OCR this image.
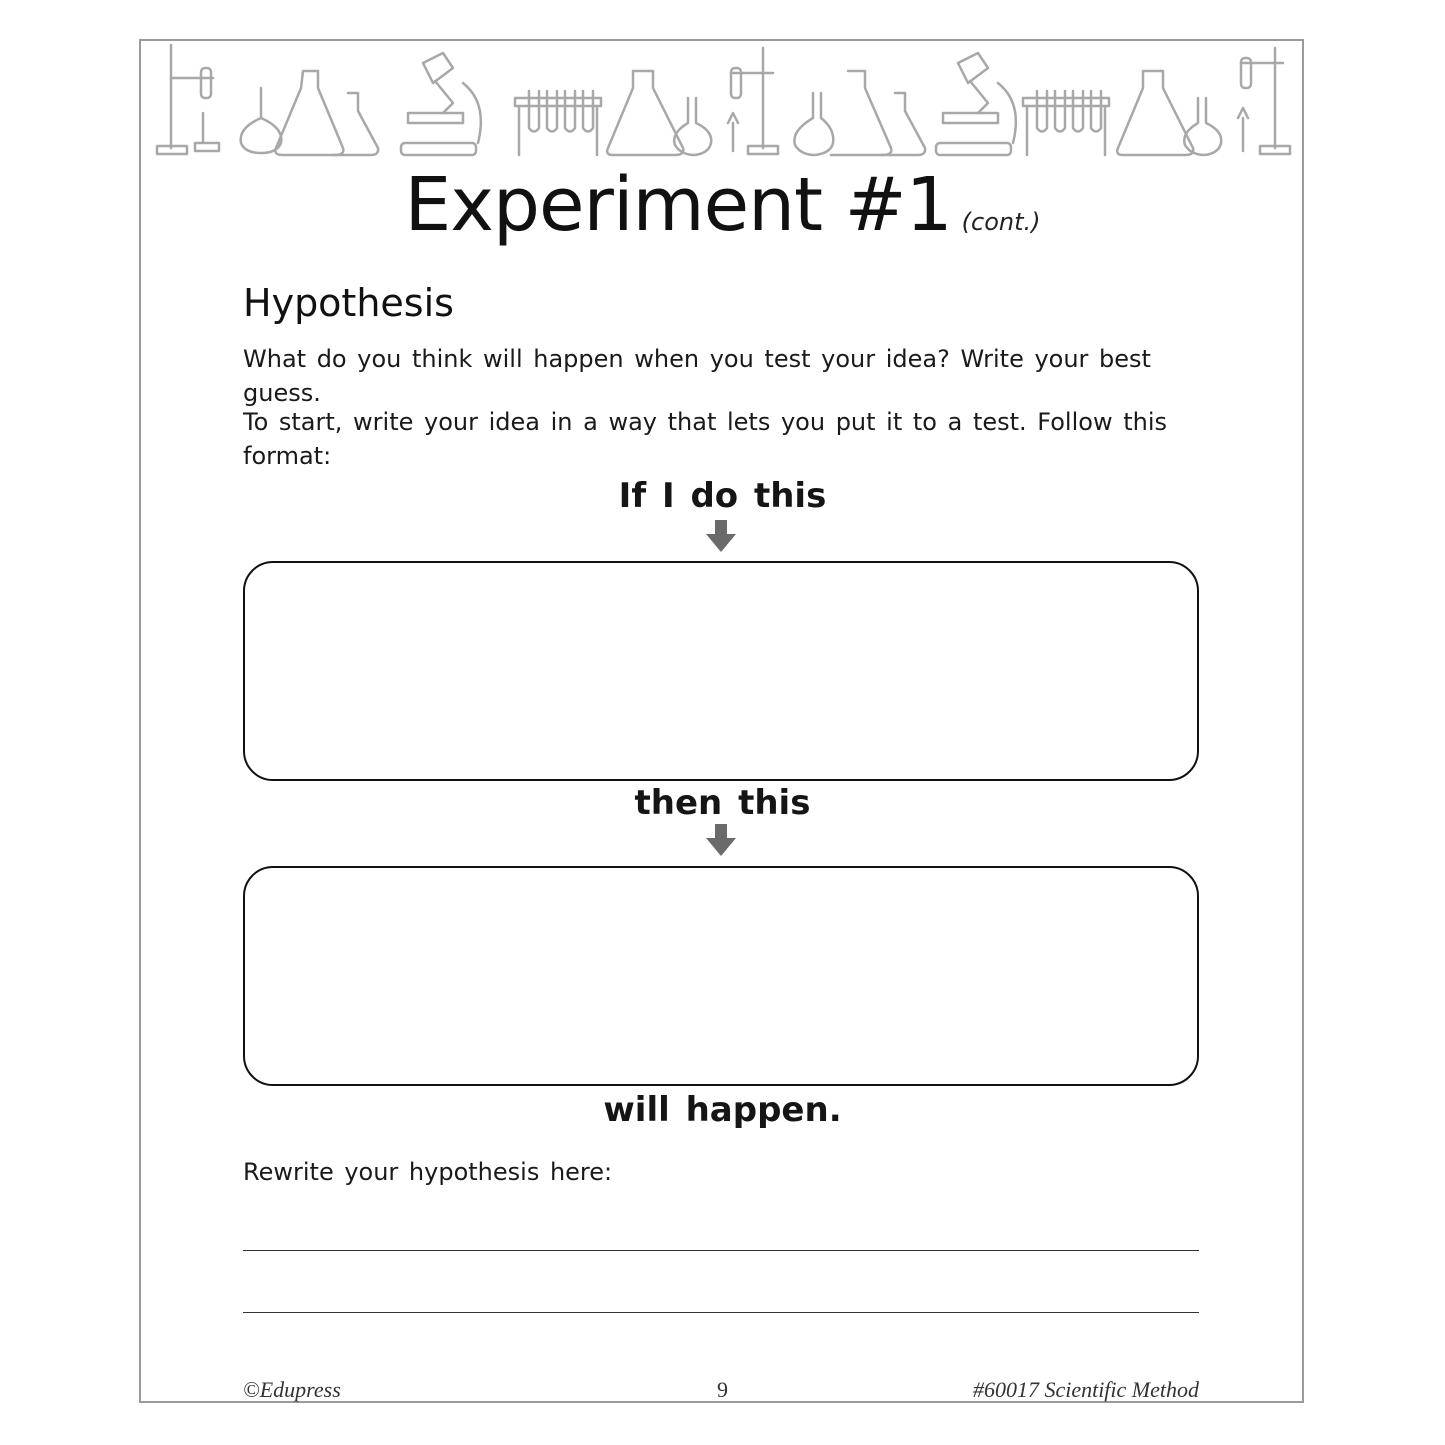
Experiment #1 (cont.)
Hypothesis
What do you think will happen when you test your idea? Write your best guess.
To start, write your idea in a way that lets you put it to a test. Follow this format:
If I do this
then this
will happen.
Rewrite your hypothesis here:
©Edupress	9	#60017 Scientific Method
